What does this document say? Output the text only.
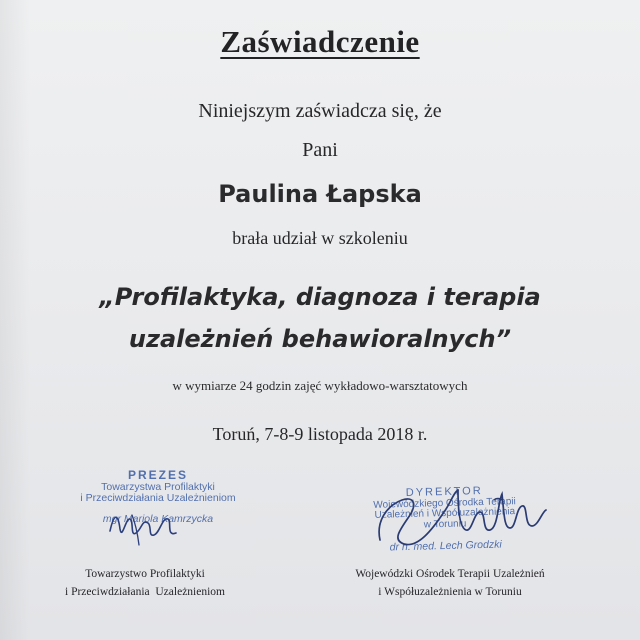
Zaświadczenie
Niniejszym zaświadcza się, że
Pani
Paulina Łapska
brała udział w szkoleniu
„Profilaktyka, diagnoza i terapia
uzależnień behawioralnych”
w wymiarze 24 godzin zajęć wykładowo-warsztatowych
Toruń, 7-8-9 listopada 2018 r.
PREZES
Towarzystwa Profilaktyki
i Przeciwdziałania Uzależnieniom
mgr Mariola Kamrzycka
DYREKTOR
Wojewódzkiego Ośrodka Terapii
Uzależnień i Współuzależnienia
w Toruniu
dr n. med. Lech Grodzki
Towarzystwo Profilaktyki
i Przeciwdziałania  Uzależnieniom
Wojewódzki Ośrodek Terapii Uzależnień
i Współuzależnienia w Toruniu
